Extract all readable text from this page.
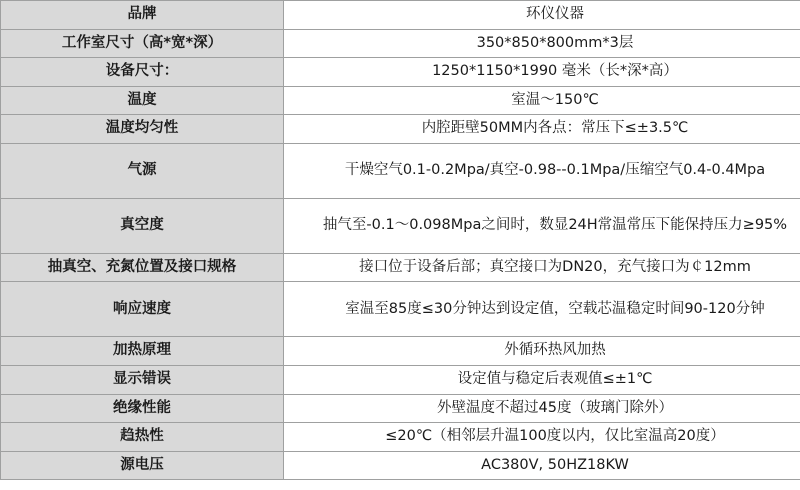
品牌	环仪仪器
工作室尺寸（高*宽*深）	350*850*800mm*3层
设备尺寸：	1250*1150*1990 毫米（长*深*高）
温度	室温～150℃
温度均匀性	内腔距壁50MM内各点：常压下≤±3.5℃
气源	干燥空气0.1-0.2Mpa/真空-0.98--0.1Mpa/压缩空气0.4-0.4Mpa
真空度	抽气至-0.1～0.098Mpa之间时，数显24H常温常压下能保持压力≥95%
抽真空、充氮位置及接口规格	接口位于设备后部；真空接口为DN20，充气接口为￠12mm
响应速度	室温至85度≤30分钟达到设定值，空载芯温稳定时间90-120分钟
加热原理	外循环热风加热
显示错误	设定值与稳定后表观值≤±1℃
绝缘性能	外壁温度不超过45度（玻璃门除外）
趋热性	≤20℃（相邻层升温100度以内，仅比室温高20度）
源电压	AC380V, 50HZ18KW
